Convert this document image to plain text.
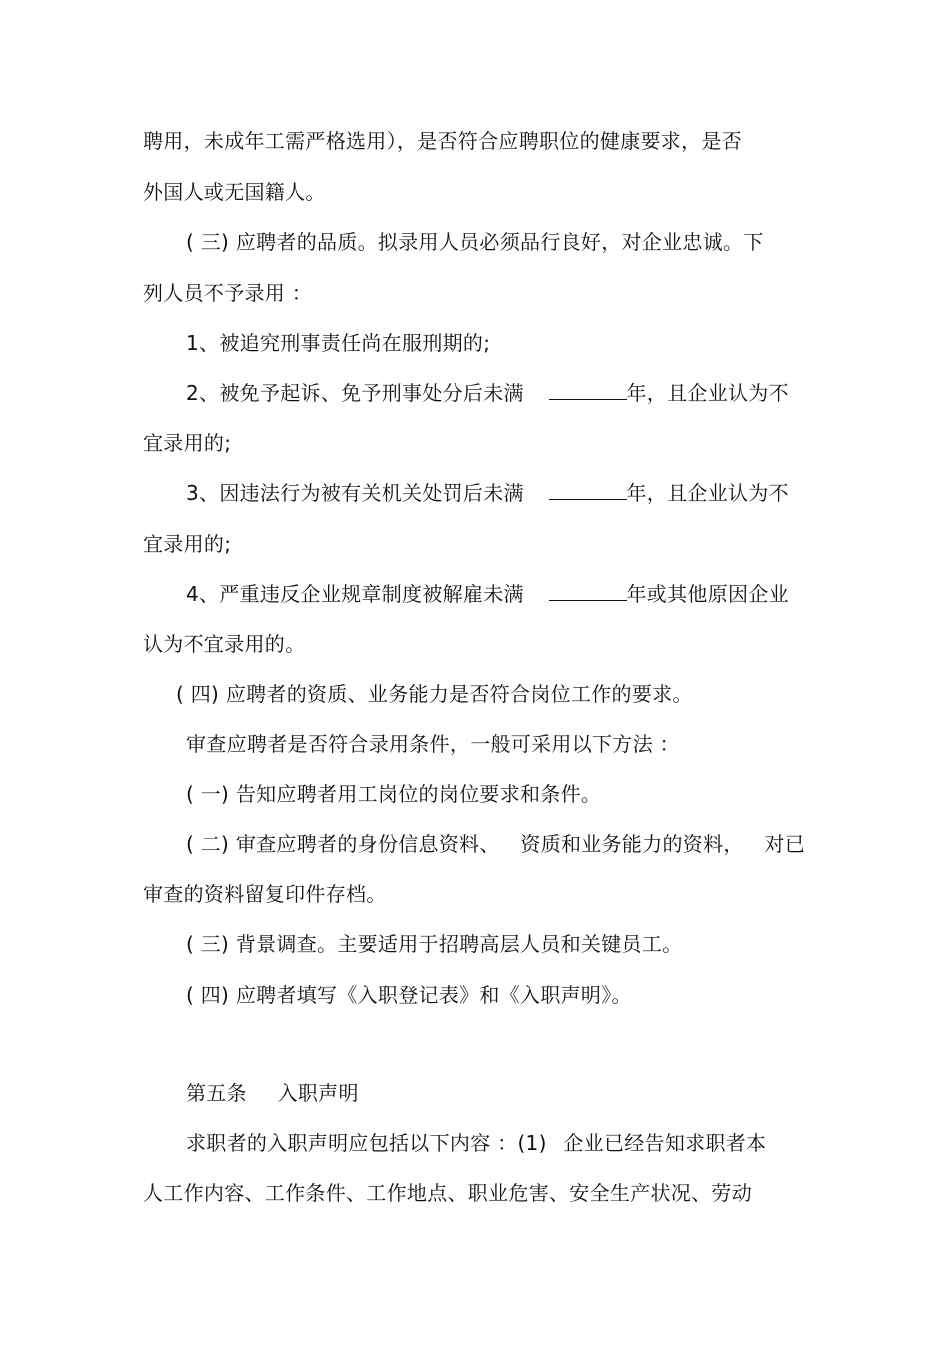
聘用，未成年工需严格选用），是否符合应聘职位的健康要求，是否
外国人或无国籍人。
( 三) 应聘者的品质。拟录用人员必须品行良好，对企业忠诚。下
列人员不予录用 ：
1、被追究刑事责任尚在服刑期的;
2、被免予起诉、免予刑事处分后未满	年，且企业认为不
宜录用的;
3、因违法行为被有关机关处罚后未满	年，且企业认为不
宜录用的;
4、严重违反企业规章制度被解雇未满	年或其他原因企业
认为不宜录用的。
( 四) 应聘者的资质、业务能力是否符合岗位工作的要求。
审查应聘者是否符合录用条件，一般可采用以下方法 ：
( 一) 告知应聘者用工岗位的岗位要求和条件。
( 二) 审查应聘者的身份信息资料、 资质和业务能力的资料， 对已
审查的资料留复印件存档。
( 三) 背景调查。主要适用于招聘高层人员和关键员工。
( 四) 应聘者填写《入职登记表》和《入职声明》。
第五条 入职声明
求职者的入职声明应包括以下内容 ：(1) 企业已经告知求职者本
人工作内容、工作条件、工作地点、职业危害、安全生产状况、劳动
